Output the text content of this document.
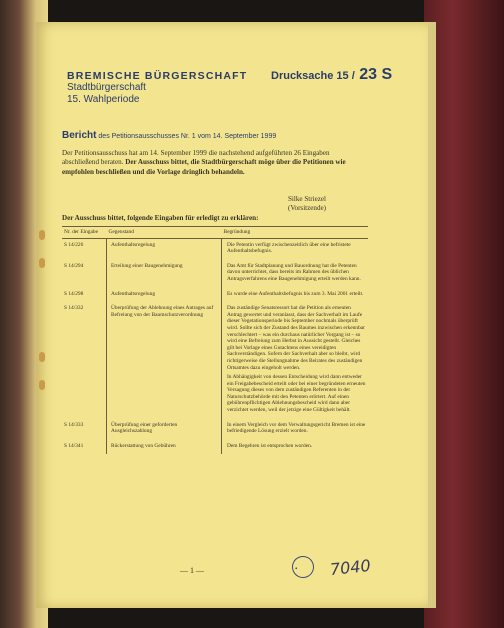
BREMISCHE BÜRGERSCHAFT
Stadtbürgerschaft
15. Wahlperiode
Drucksache 15 / 23 S
Bericht des Petitionsausschusses Nr. 1 vom 14. September 1999
Der Petitionsausschuss hat am 14. September 1999 die nachstehend aufgeführten 26 Eingaben abschließend beraten. Der Ausschuss bittet, die Stadtbürgerschaft möge über die Petitionen wie empfohlen beschließen und die Vorlage dringlich behandeln.
Silke Striezel
(Vorsitzende)
Der Ausschuss bittet, folgende Eingaben für erledigt zu erklären:
Nr. der Eingabe	Gegenstand	Begründung
S 14/226	Aufenthaltsregelung	Die Petentin verfügt zwischenzeitlich über eine befristete Aufenthaltsbefugnis.
S 14/294	Erteilung einer Baugenehmigung	Das Amt für Stadtplanung und Bauordnung hat die Petenten davon unterrichtet, dass bereits im Rahmen des üblichen Antragsverfahrens eine Baugenehmigung erteilt werden kann.
S 14/298	Aufenthaltsregelung	Es wurde eine Aufenthaltsbefugnis bis zum 3. Mai 2001 erteilt.
S 14/332	Überprüfung der Ablehnung eines Antrages auf Befreiung von der Baumschutzverordnung	Das zuständige Senatsressort hat die Petition als erneuten Antrag gewertet und veranlasst, dass der Sachverhalt im Laufe dieser Vegetationsperiode bis September nochmals überprüft wird. Sollte sich der Zustand des Baumes inzwischen erkennbar verschlechtert – was ein durchaus natürlicher Vorgang ist – so wird eine Befreiung zum Herbst in Aussicht gestellt. Gleiches gilt bei Vorlage eines Gutachtens eines vereidigten Sachverständigen. Sofern der Sachverhalt aber so bleibt, wird richtigerweise die Stellungnahme des Beirates des zuständigen Ortsamtes dazu eingeholt werden.
In Abhängigkeit von dessen Entscheidung wird dann entweder ein Freigabebescheid erteilt oder bei einer begründeten erneuten Versagung dieses von dem zuständigen Referenten in der Naturschutzbehörde mit den Petenten erörtert. Auf einen gebührenpflichtigen Ablehnungsbescheid wird dann aber verzichtet werden, weil der jetzige eine Gültigkeit behält.

S 14/333	Überprüfung einer geforderten Ausgleichszahlung	In einem Vergleich vor dem Verwaltungsgericht Bremen ist eine befriedigende Lösung erzielt worden.
S 14/341	Rückerstattung von Gebühren	Dem Begehren ist entsprochen worden.
— 1 —	● 7040
